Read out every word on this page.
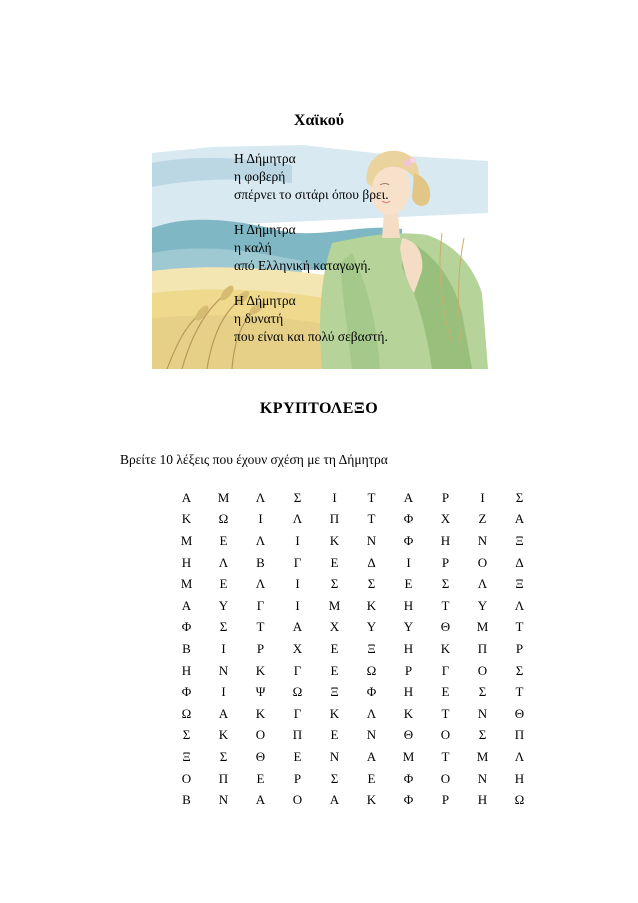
Χαϊκού
Η Δήμητρα
η φοβερή
σπέρνει το σιτάρι όπου βρει.
Η Δήμητρα
η καλή
από Ελληνική καταγωγή.
Η Δήμητρα
η δυνατή
που είναι και πολύ σεβαστή.
ΚΡΥΠΤΟΛΕΞΟ
Βρείτε 10 λέξεις που έχουν σχέση με τη Δήμητρα
Α	Μ	Λ	Σ	Ι	Τ	Α	Ρ	Ι	Σ
Κ	Ω	Ι	Λ	Π	Τ	Φ	Χ	Ζ	Α
Μ	Ε	Λ	Ι	Κ	Ν	Φ	Η	Ν	Ξ
Η	Λ	Β	Γ	Ε	Δ	Ι	Ρ	Ο	Δ
Μ	Ε	Λ	Ι	Σ	Σ	Ε	Σ	Λ	Ξ
Α	Υ	Γ	Ι	Μ	Κ	Η	Τ	Υ	Λ
Φ	Σ	Τ	Α	Χ	Υ	Υ	Θ	Μ	Τ
Β	Ι	Ρ	Χ	Ε	Ξ	Η	Κ	Π	Ρ
Η	Ν	Κ	Γ	Ε	Ω	Ρ	Γ	Ο	Σ
Φ	Ι	Ψ	Ω	Ξ	Φ	Η	Ε	Σ	Τ
Ω	Α	Κ	Γ	Κ	Λ	Κ	Τ	Ν	Θ
Σ	Κ	Ο	Π	Ε	Ν	Θ	Ο	Σ	Π
Ξ	Σ	Θ	Ε	Ν	Α	Μ	Τ	Μ	Λ
Ο	Π	Ε	Ρ	Σ	Ε	Φ	Ο	Ν	Η
Β	Ν	Α	Ο	Α	Κ	Φ	Ρ	Η	Ω
